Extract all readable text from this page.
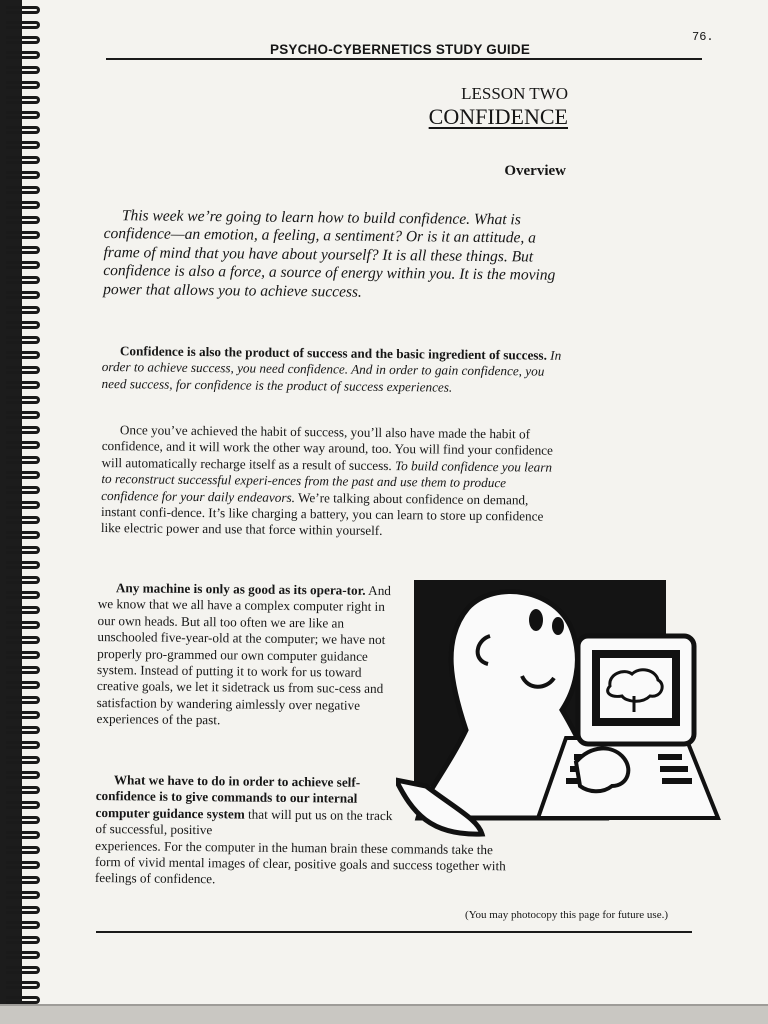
76.
PSYCHO-CYBERNETICS STUDY GUIDE
LESSON TWO
CONFIDENCE
Overview

This week we’re going to learn how to build confidence. What is confidence—an emotion, a feeling, a sentiment? Or is it an attitude, a frame of mind that you have about yourself? It is all these things. But confidence is also a force, a source of energy within you. It is the moving power that allows you to achieve success.

Confidence is also the product of success and the basic ingredient of success. In order to achieve success, you need confidence. And in order to gain confidence, you need success, for confidence is the product of success experiences.

Once you’ve achieved the habit of success, you’ll also have made the habit of confidence, and it will work the other way around, too. You will find your confidence will automatically recharge itself as a result of success. To build confidence you learn to reconstruct successful experi-ences from the past and use them to produce confidence for your daily endeavors. We’re talking about confidence on demand, instant confi-dence. It’s like charging a battery, you can learn to store up confidence like electric power and use that force within yourself.

Any machine is only as good as its opera-tor. And we know that we all have a complex computer right in our own heads. But all too often we are like an unschooled five-year-old at the computer; we have not properly pro-grammed our own computer guidance system. Instead of putting it to work for us toward creative goals, we let it sidetrack us from suc-cess and satisfaction by wandering aimlessly over negative experiences of the past.

What we have to do in order to achieve self-confidence is to give commands to our internal computer guidance system that will put us on the track of successful, positive
experiences. For the computer in the human brain these commands take the form of vivid mental images of clear, positive goals and success together with feelings of confidence.

(You may photocopy this page for future use.)
